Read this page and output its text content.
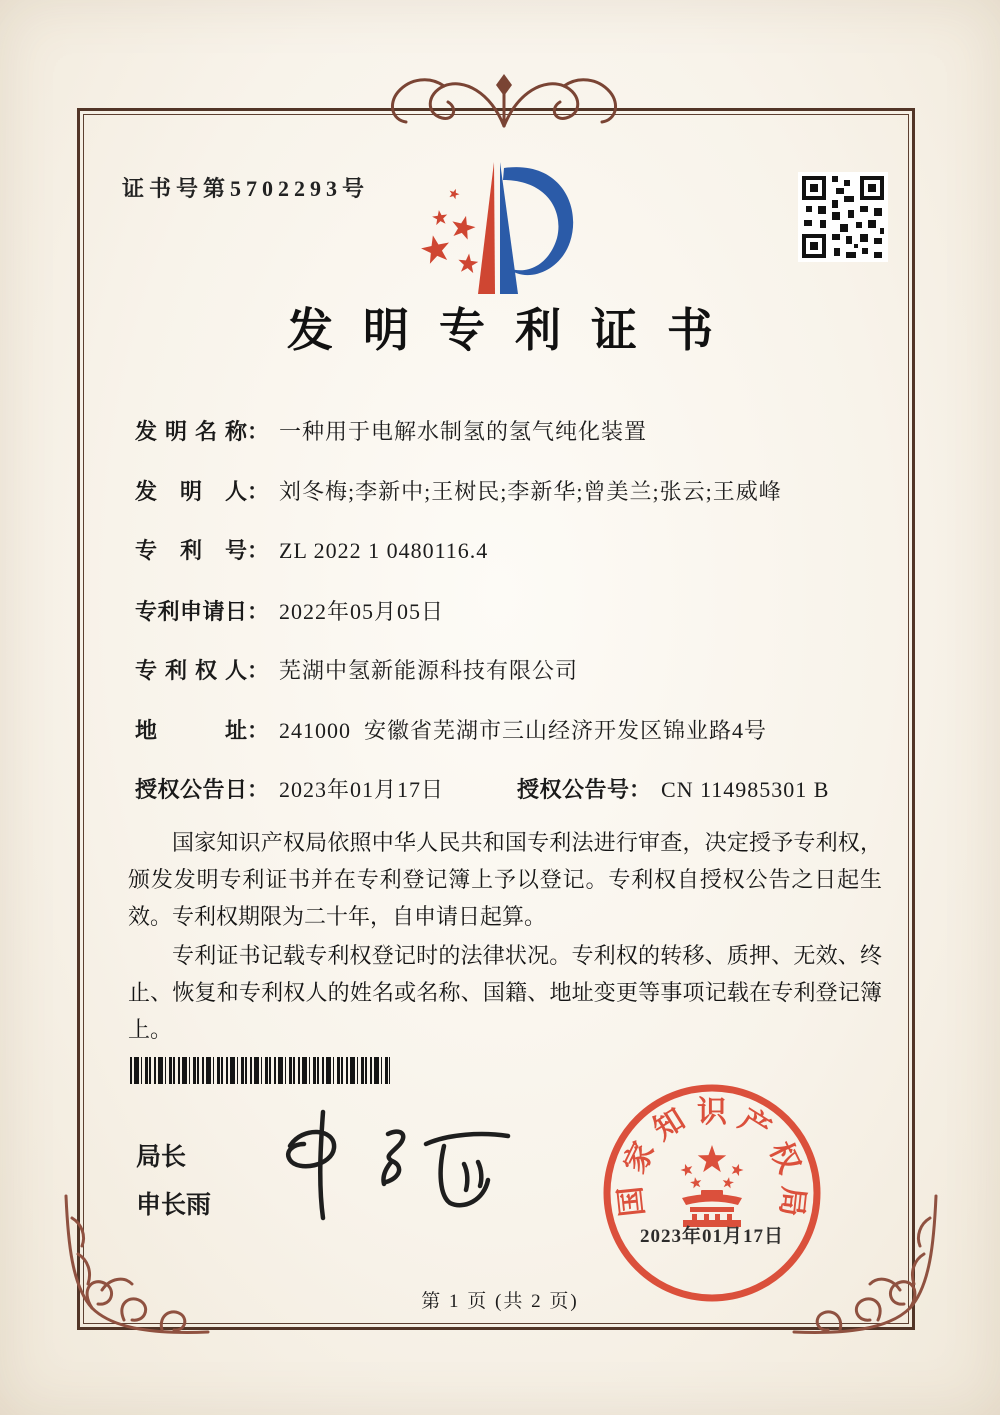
证书号第5702293号
发明专利证书
发明名称： 一种用于电解水制氢的氢气纯化装置
发明人： 刘冬梅;李新中;王树民;李新华;曾美兰;张云;王威峰
专利号： ZL 2022 1 0480116.4
专利申请日： 2022年05月05日
专利权人： 芜湖中氢新能源科技有限公司
地址： 241000  安徽省芜湖市三山经济开发区锦业路4号
授权公告日： 2023年01月17日	授权公告号： CN 114985301 B

国家知识产权局依照中华人民共和国专利法进行审查，决定授予专利权，颁发发明专利证书并在专利登记簿上予以登记。专利权自授权公告之日起生效。专利权期限为二十年，自申请日起算。

专利证书记载专利权登记时的法律状况。专利权的转移、质押、无效、终止、恢复和专利权人的姓名或名称、国籍、地址变更等事项记载在专利登记簿上。

局长
申长雨	国
家
知 识 产
权
局
2023年01月17日
第 1 页 (共 2 页)
